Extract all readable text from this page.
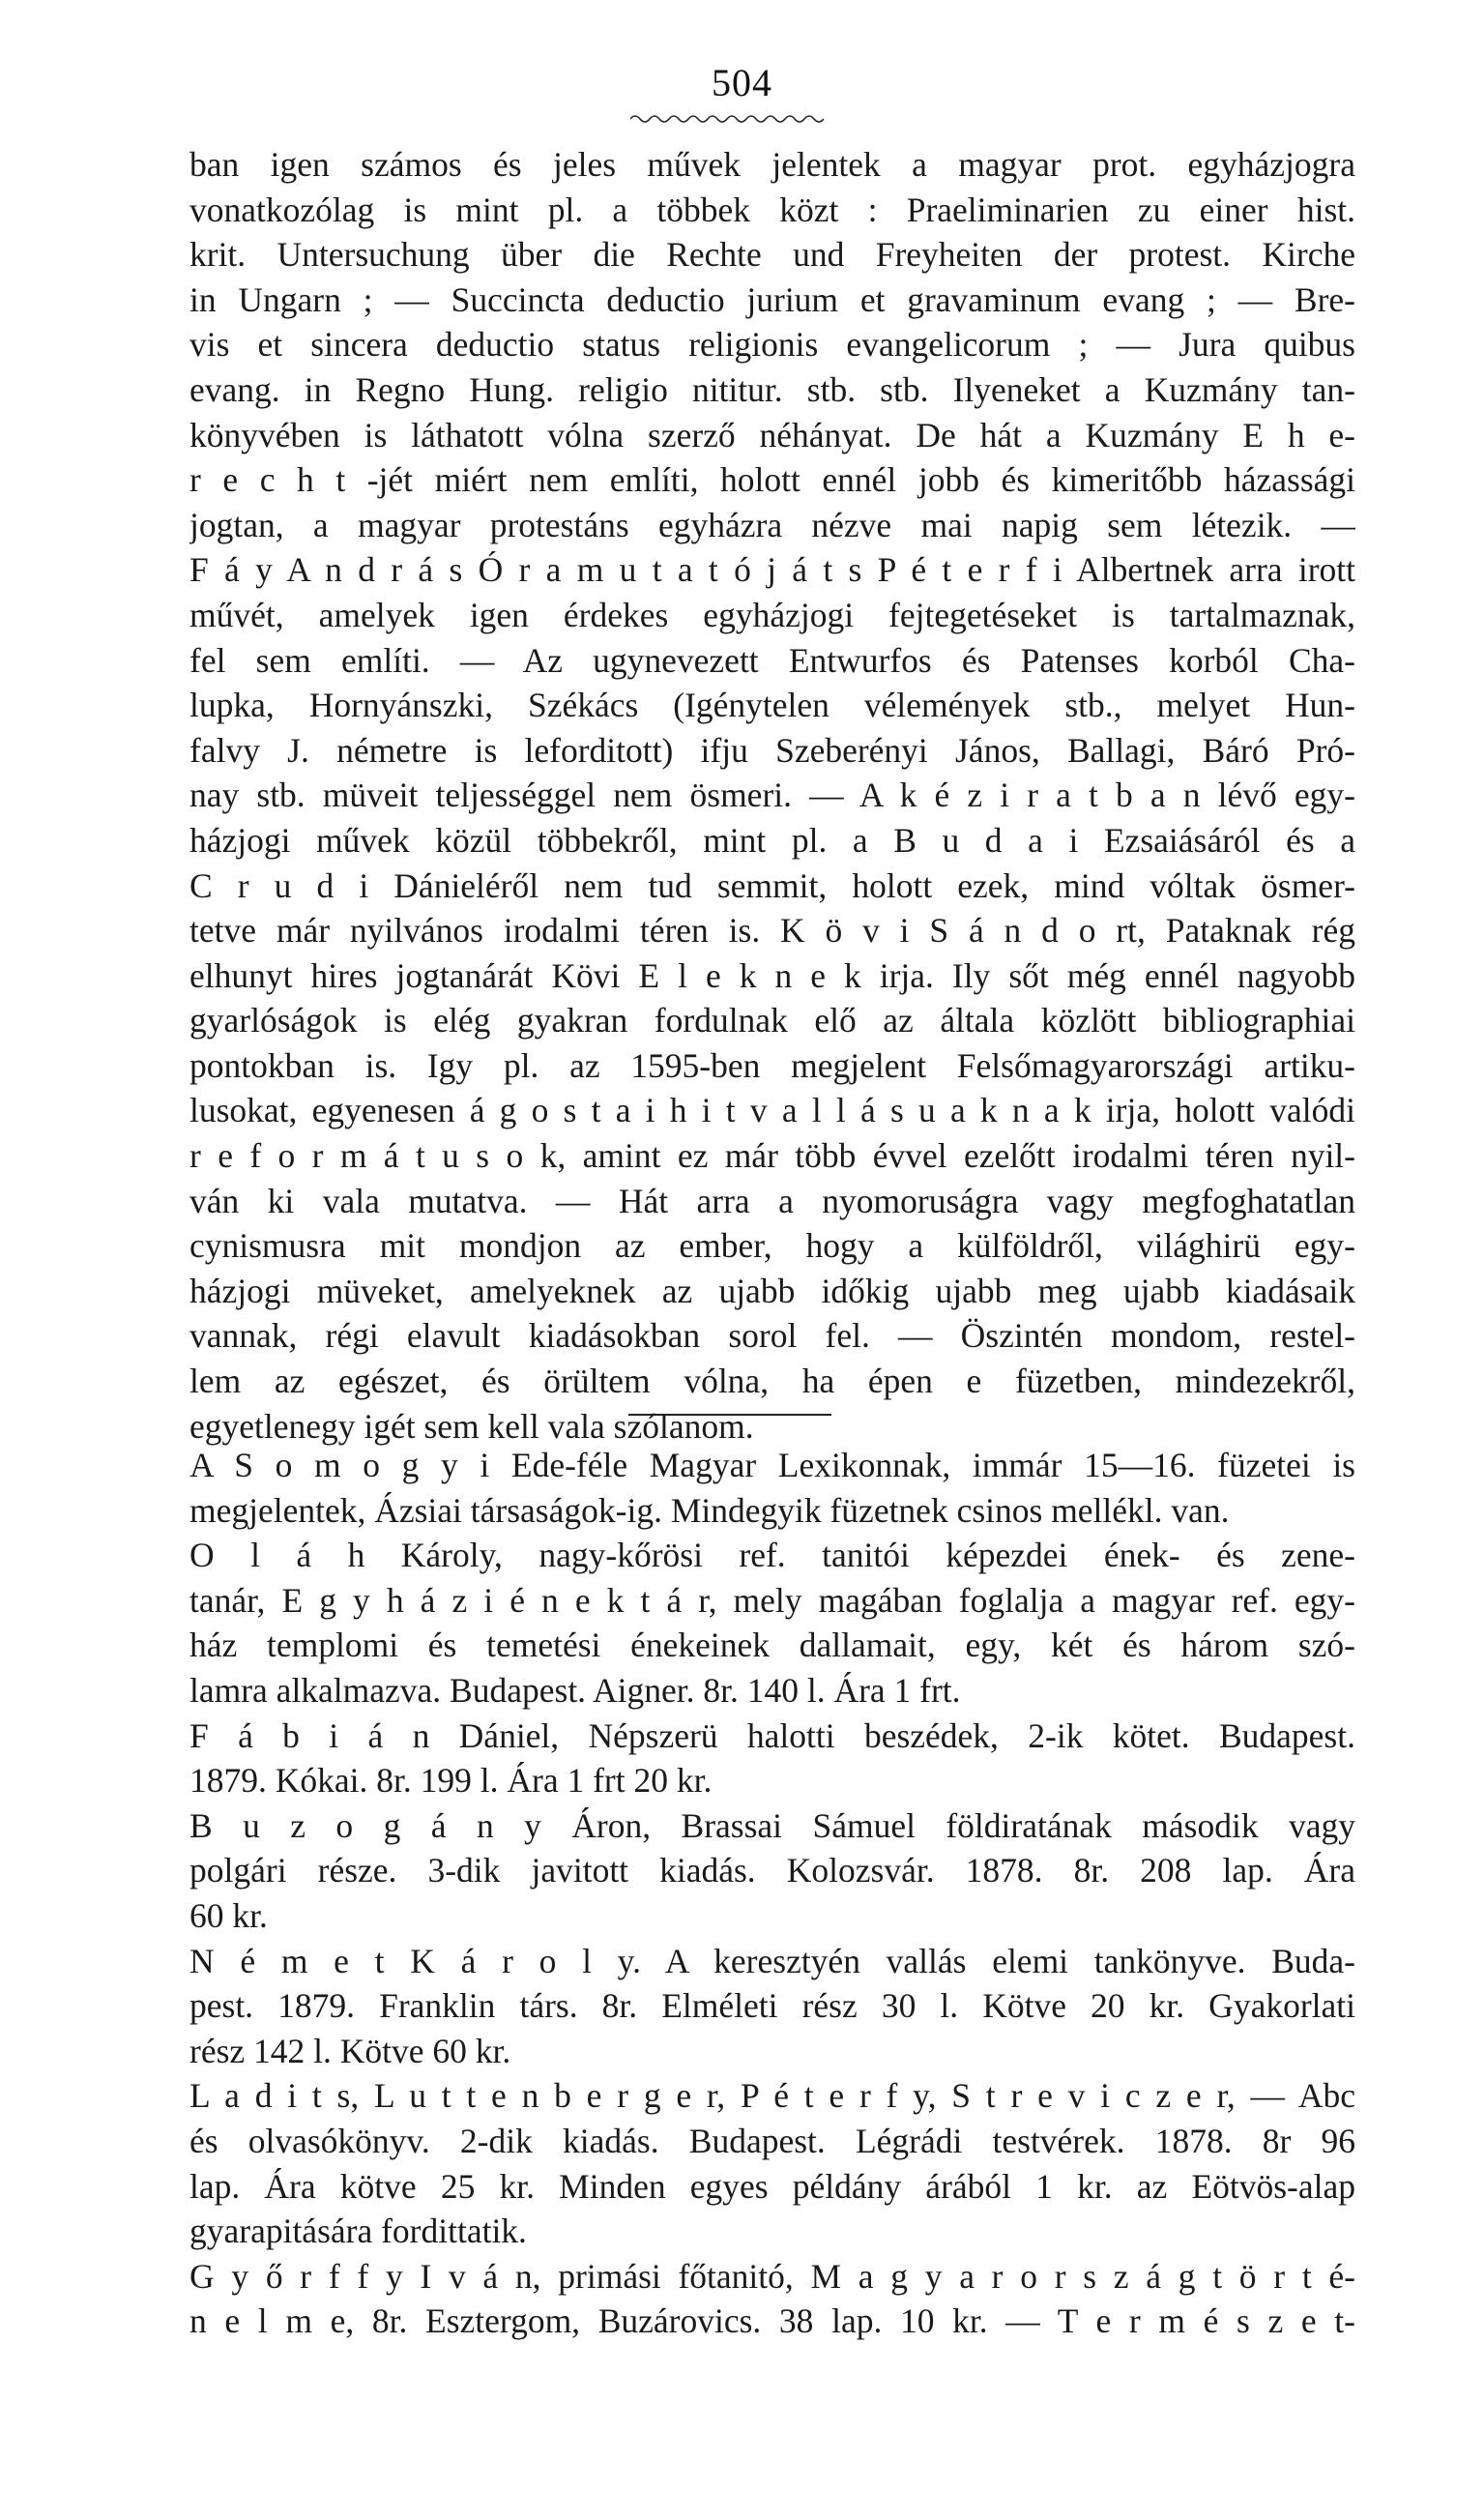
504
ban igen számos és jeles művek jelentek a magyar prot. egyházjogra
vonatkozólag is mint pl. a többek közt : Praeliminarien zu einer hist.
krit. Untersuchung über die Rechte und Freyheiten der protest. Kirche
in Ungarn ; — Succincta deductio jurium et gravaminum evang ; — Bre-
vis et sincera deductio status religionis evangelicorum ; — Jura quibus
evang. in Regno Hung. religio nititur. stb. stb. Ilyeneket a Kuzmány tan-
könyvében is láthatott vólna szerző néhányat. De hát a Kuzmány E h e-
r e c h t -jét miért nem említi, holott ennél jobb és kimeritőbb házassági
jogtan, a magyar protestáns egyházra nézve mai napig sem létezik. —
F á y A n d r á s Ó r a m u t a t ó j á t s P é t e r f i Albertnek arra irott
művét, amelyek igen érdekes egyházjogi fejtegetéseket is tartalmaznak,
fel sem említi. — Az ugynevezett Entwurfos és Patenses korból Cha-
lupka, Hornyánszki, Székács (Igénytelen vélemények stb., melyet Hun-
falvy J. németre is leforditott) ifju Szeberényi János, Ballagi, Báró Pró-
nay stb. müveit teljességgel nem ösmeri. — A k é z i r a t b a n lévő egy-
házjogi művek közül többekről, mint pl. a B u d a i Ezsaiásáról és a
C r u d i Dánieléről nem tud semmit, holott ezek, mind vóltak ösmer-
tetve már nyilvános irodalmi téren is. K ö v i S á n d o rt, Pataknak rég
elhunyt hires jogtanárát Kövi E l e k n e k irja. Ily sőt még ennél nagyobb
gyarlóságok is elég gyakran fordulnak elő az általa közlött bibliographiai
pontokban is. Igy pl. az 1595-ben megjelent Felsőmagyarországi artiku-
lusokat, egyenesen á g o s t a i h i t v a l l á s u a k n a k irja, holott valódi
r e f o r m á t u s o k, amint ez már több évvel ezelőtt irodalmi téren nyil-
ván ki vala mutatva. — Hát arra a nyomoruságra vagy megfoghatatlan
cynismusra mit mondjon az ember, hogy a külföldről, világhirü egy-
házjogi müveket, amelyeknek az ujabb időkig ujabb meg ujabb kiadásaik
vannak, régi elavult kiadásokban sorol fel. — Öszintén mondom, restel-
lem az egészet, és örültem vólna, ha épen e füzetben, mindezekről,
egyetlenegy igét sem kell vala szólanom.
A S o m o g y i Ede-féle Magyar Lexikonnak, immár 15—16. füzetei is
megjelentek, Ázsiai társaságok-ig. Mindegyik füzetnek csinos mellékl. van.
O l á h Károly, nagy-kőrösi ref. tanitói képezdei ének- és zene-
tanár, E g y h á z i é n e k t á r, mely magában foglalja a magyar ref. egy-
ház templomi és temetési énekeinek dallamait, egy, két és három szó-
lamra alkalmazva. Budapest. Aigner. 8r. 140 l. Ára 1 frt.
F á b i á n Dániel, Népszerü halotti beszédek, 2-ik kötet. Budapest.
1879. Kókai. 8r. 199 l. Ára 1 frt 20 kr.
B u z o g á n y Áron, Brassai Sámuel földiratának második vagy
polgári része. 3-dik javitott kiadás. Kolozsvár. 1878. 8r. 208 lap. Ára
60 kr.
N é m e t K á r o l y. A keresztyén vallás elemi tankönyve. Buda-
pest. 1879. Franklin társ. 8r. Elméleti rész 30 l. Kötve 20 kr. Gyakorlati
rész 142 l. Kötve 60 kr.
L a d i t s, L u t t e n b e r g e r, P é t e r f y, S t r e v i c z e r, — Abc
és olvasókönyv. 2-dik kiadás. Budapest. Légrádi testvérek. 1878. 8r 96
lap. Ára kötve 25 kr. Minden egyes példány árából 1 kr. az Eötvös-alap
gyarapitására fordittatik.
G y ő r f f y I v á n, primási főtanitó, M a g y a r o r s z á g t ö r t é-
n e l m e, 8r. Esztergom, Buzárovics. 38 lap. 10 kr. — T e r m é s z e t-
